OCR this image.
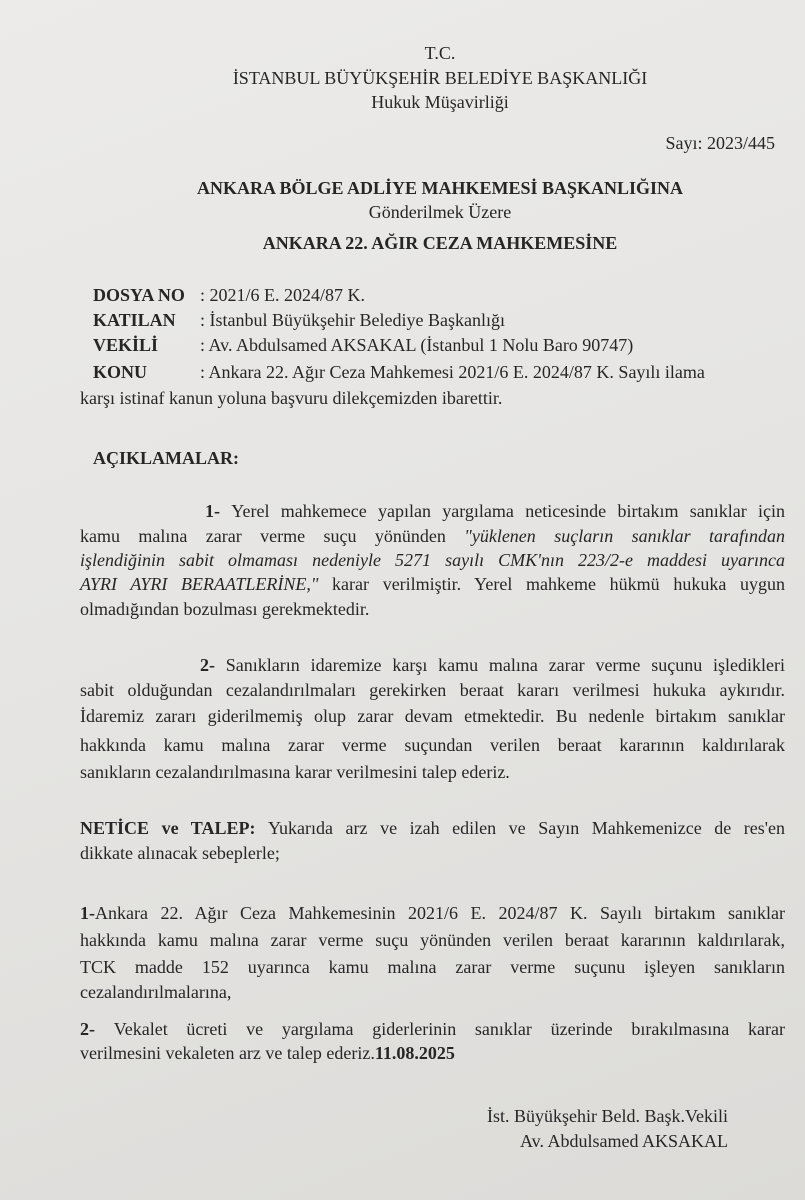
T.C.
İSTANBUL BÜYÜKŞEHİR BELEDİYE BAŞKANLIĞI
Hukuk Müşavirliği
Sayı: 2023/445
ANKARA BÖLGE ADLİYE MAHKEMESİ BAŞKANLIĞINA
Gönderilmek Üzere
ANKARA 22. AĞIR CEZA MAHKEMESİNE
DOSYA NO : 2021/6 E. 2024/87 K.
KATILAN : İstanbul Büyükşehir Belediye Başkanlığı
VEKİLİ : Av. Abdulsamed AKSAKAL (İstanbul 1 Nolu Baro 90747)
KONU	: Ankara 22. Ağır Ceza Mahkemesi 2021/6 E. 2024/87 K. Sayılı ilama
karşı istinaf kanun yoluna başvuru dilekçemizden ibarettir.
AÇIKLAMALAR:
1- Yerel mahkemece yapılan yargılama neticesinde birtakım sanıklar için
kamu malına zarar verme suçu yönünden "yüklenen suçların sanıklar tarafından
işlendiğinin sabit olmaması nedeniyle 5271 sayılı CMK'nın 223/2-e maddesi uyarınca
AYRI AYRI BERAATLERİNE," karar verilmiştir. Yerel mahkeme hükmü hukuka uygun
olmadığından bozulması gerekmektedir.
2- Sanıkların idaremize karşı kamu malına zarar verme suçunu işledikleri
sabit olduğundan cezalandırılmaları gerekirken beraat kararı verilmesi hukuka aykırıdır.
İdaremiz zararı giderilmemiş olup zarar devam etmektedir. Bu nedenle birtakım sanıklar
hakkında kamu malına zarar verme suçundan verilen beraat kararının kaldırılarak
sanıkların cezalandırılmasına karar verilmesini talep ederiz.
NETİCE ve TALEP: Yukarıda arz ve izah edilen ve Sayın Mahkemenizce de res'en
dikkate alınacak sebeplerle;
1-Ankara 22. Ağır Ceza Mahkemesinin 2021/6 E. 2024/87 K. Sayılı birtakım sanıklar
hakkında kamu malına zarar verme suçu yönünden verilen beraat kararının kaldırılarak,
TCK madde 152 uyarınca kamu malına zarar verme suçunu işleyen sanıkların
cezalandırılmalarına,
2- Vekalet ücreti ve yargılama giderlerinin sanıklar üzerinde bırakılmasına karar
verilmesini vekaleten arz ve talep ederiz.11.08.2025
İst. Büyükşehir Beld. Başk.Vekili
Av. Abdulsamed AKSAKAL
